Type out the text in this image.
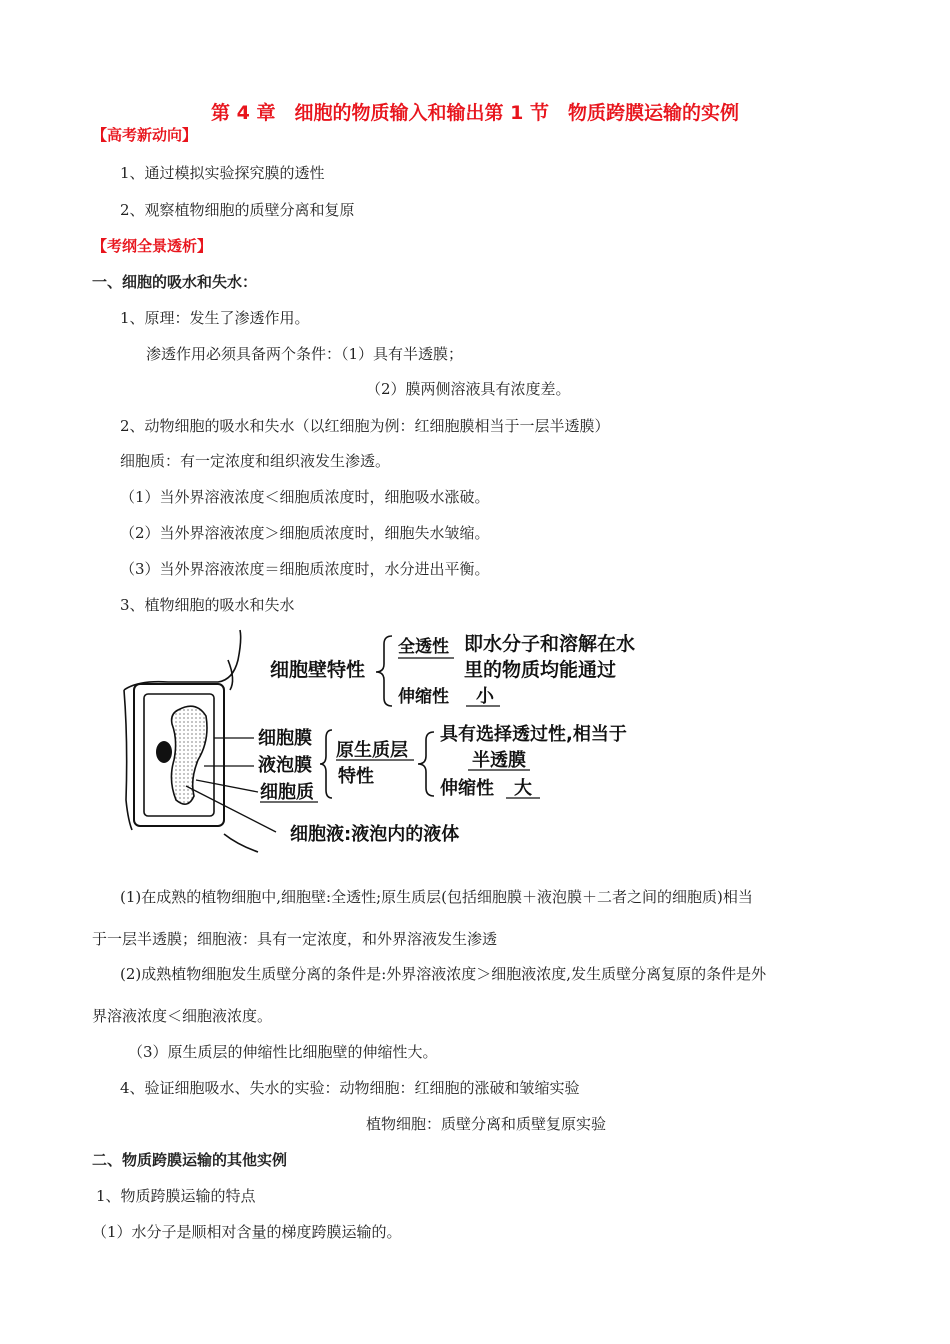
第 4 章　细胞的物质输入和输出第 1 节　物质跨膜运输的实例
【高考新动向】
1、通过模拟实验探究膜的透性
2、观察植物细胞的质壁分离和复原
【考纲全景透析】
一、细胞的吸水和失水：
1、原理：发生了渗透作用。
渗透作用必须具备两个条件：（1）具有半透膜；
（2）膜两侧溶液具有浓度差。
2、动物细胞的吸水和失水（以红细胞为例：红细胞膜相当于一层半透膜）
细胞质：有一定浓度和组织液发生渗透。
（1）当外界溶液浓度＜细胞质浓度时，细胞吸水涨破。
（2）当外界溶液浓度＞细胞质浓度时，细胞失水皱缩。
（3）当外界溶液浓度＝细胞质浓度时，水分进出平衡。
3、植物细胞的吸水和失水
细胞壁特性
全透性 即水分子和溶解在水
里的物质均能通过
伸缩性 小
细胞膜
液泡膜
细胞质
原生质层
特性
具有选择透过性,相当于
半透膜
伸缩性 大
细胞液:液泡内的液体
(1)在成熟的植物细胞中,细胞壁:全透性;原生质层(包括细胞膜＋液泡膜＋二者之间的细胞质)相当
于一层半透膜；细胞液：具有一定浓度，和外界溶液发生渗透
(2)成熟植物细胞发生质壁分离的条件是:外界溶液浓度＞细胞液浓度,发生质壁分离复原的条件是外
界溶液浓度＜细胞液浓度。
（3）原生质层的伸缩性比细胞壁的伸缩性大。
4、验证细胞吸水、失水的实验：动物细胞：红细胞的涨破和皱缩实验
植物细胞：质壁分离和质壁复原实验
二、物质跨膜运输的其他实例
1、物质跨膜运输的特点
（1）水分子是顺相对含量的梯度跨膜运输的。
